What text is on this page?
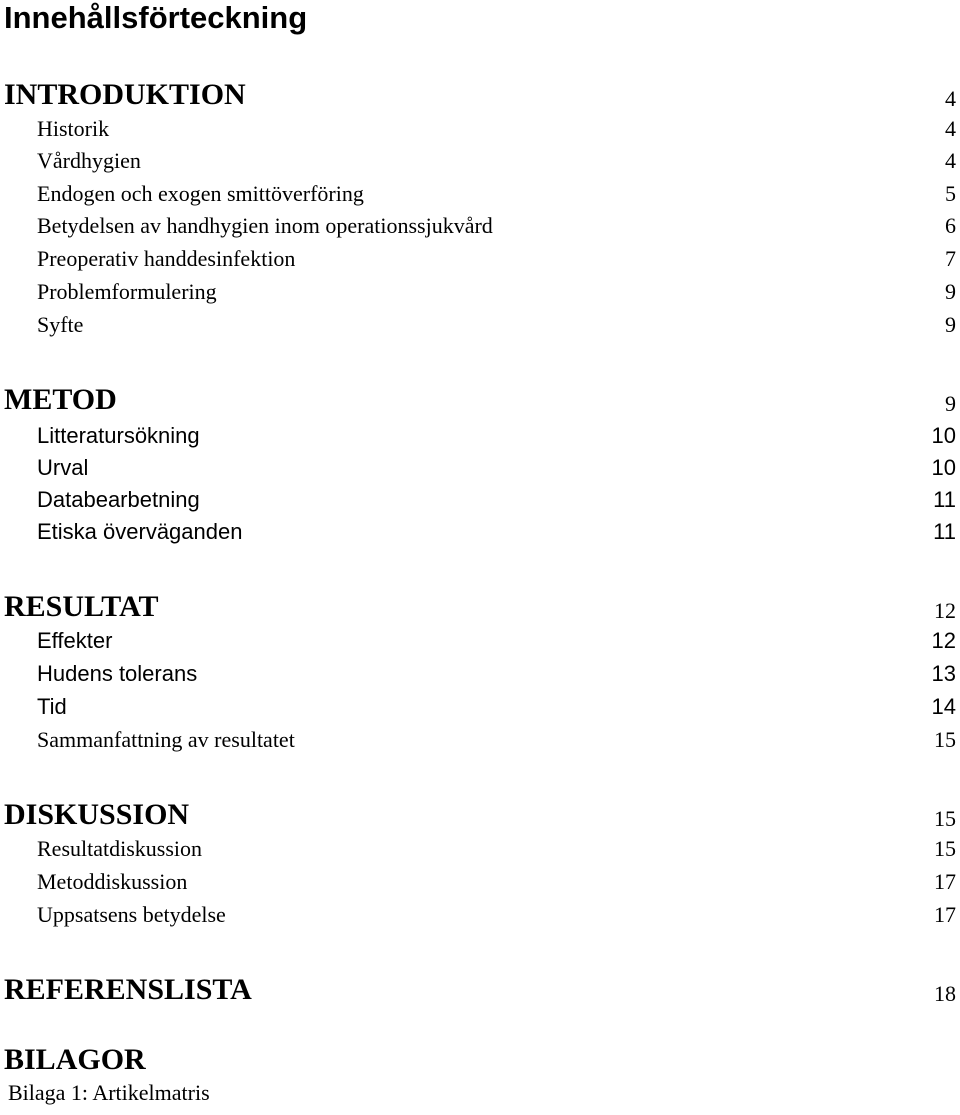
Innehållsförteckning
INTRODUKTION	4
Historik	4
Vårdhygien	4
Endogen och exogen smittöverföring	5
Betydelsen av handhygien inom operationssjukvård	6
Preoperativ handdesinfektion	7
Problemformulering	9
Syfte	9
METOD	9
Litteratursökning	10
Urval	10
Databearbetning	11
Etiska överväganden	11
RESULTAT	12
Effekter	12
Hudens tolerans	13
Tid	14
Sammanfattning av resultatet	15
DISKUSSION	15
Resultatdiskussion	15
Metoddiskussion	17
Uppsatsens betydelse	17
REFERENSLISTA	18
BILAGOR
Bilaga 1: Artikelmatris
